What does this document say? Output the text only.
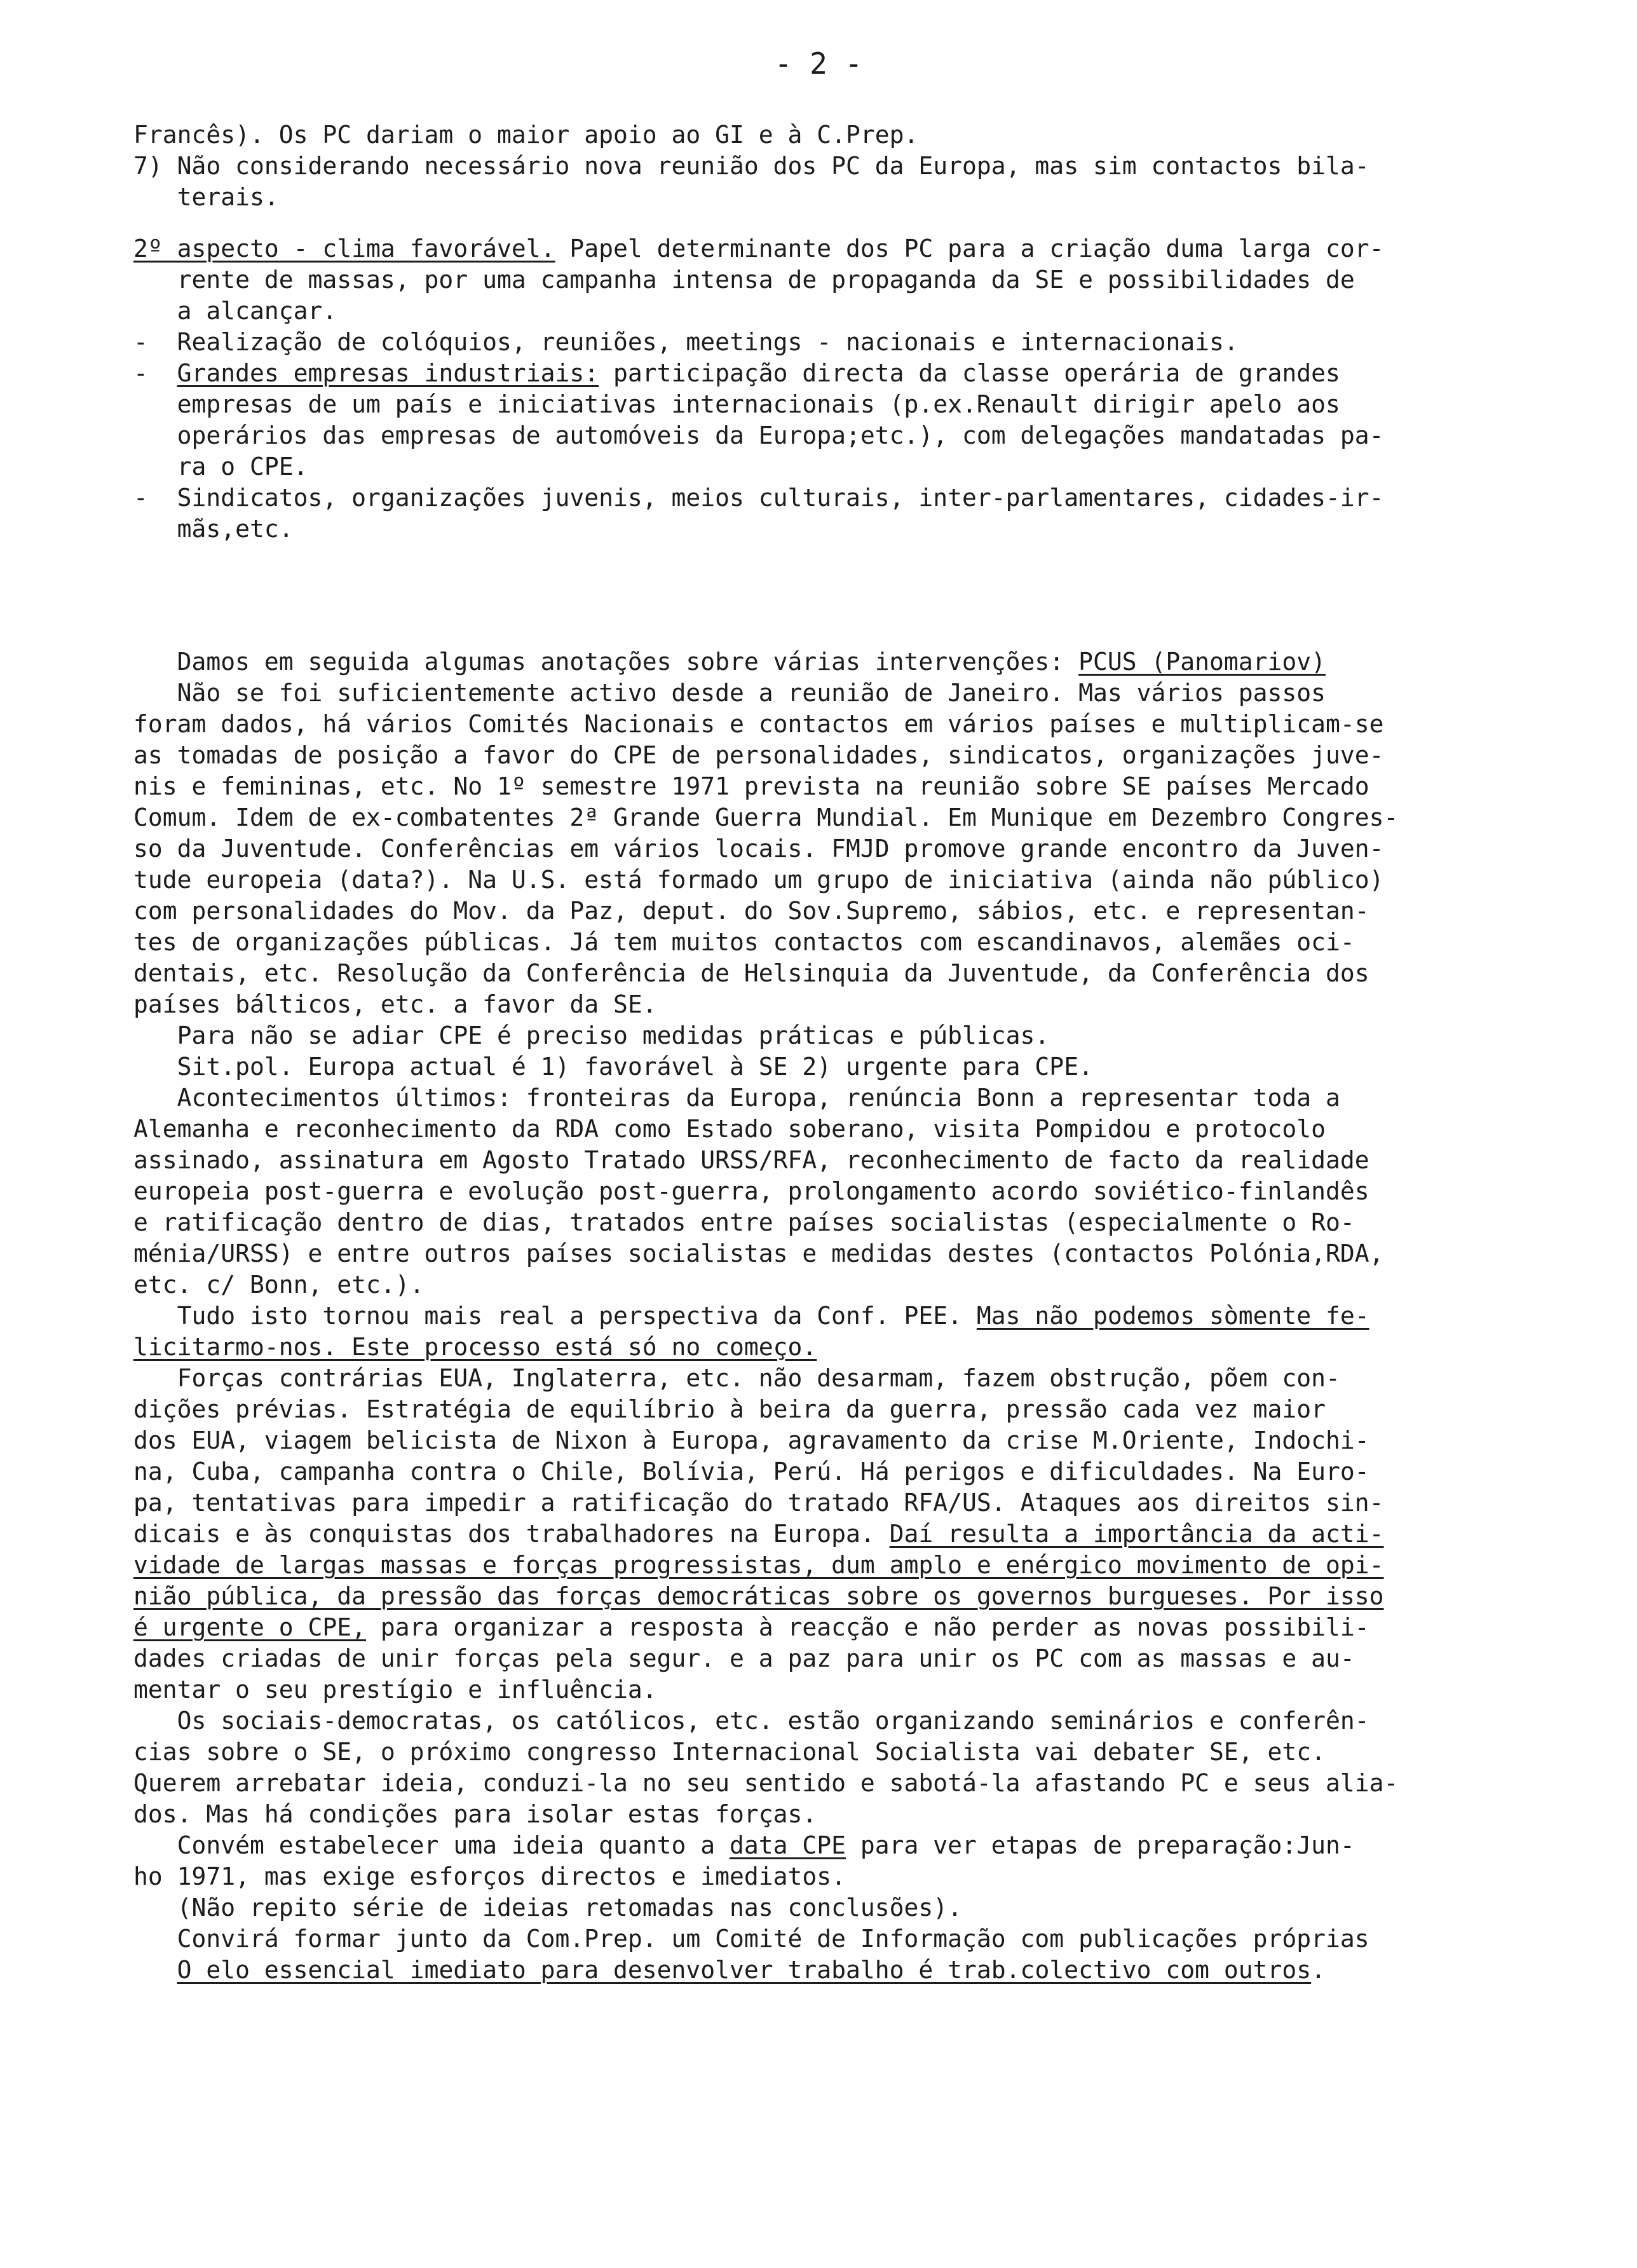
- 2 -
Francês). Os PC dariam o maior apoio ao GI e à C.Prep.
7) Não considerando necessário nova reunião dos PC da Europa, mas sim contactos bila-
terais.
2º aspecto - clima favorável. Papel determinante dos PC para a criação duma larga cor-
rente de massas, por uma campanha intensa de propaganda da SE e possibilidades de
a alcançar.
-  Realização de colóquios, reuniões, meetings - nacionais e internacionais.
-  Grandes empresas industriais: participação directa da classe operária de grandes
empresas de um país e iniciativas internacionais (p.ex.Renault dirigir apelo aos
operários das empresas de automóveis da Europa;etc.), com delegações mandatadas pa-
ra o CPE.
-  Sindicatos, organizações juvenis, meios culturais, inter-parlamentares, cidades-ir-
mãs,etc.
Damos em seguida algumas anotações sobre várias intervenções: PCUS (Panomariov)
Não se foi suficientemente activo desde a reunião de Janeiro. Mas vários passos
foram dados, há vários Comités Nacionais e contactos em vários países e multiplicam-se
as tomadas de posição a favor do CPE de personalidades, sindicatos, organizações juve-
nis e femininas, etc. No 1º semestre 1971 prevista na reunião sobre SE países Mercado
Comum. Idem de ex-combatentes 2ª Grande Guerra Mundial. Em Munique em Dezembro Congres-
so da Juventude. Conferências em vários locais. FMJD promove grande encontro da Juven-
tude europeia (data?). Na U.S. está formado um grupo de iniciativa (ainda não público)
com personalidades do Mov. da Paz, deput. do Sov.Supremo, sábios, etc. e representan-
tes de organizações públicas. Já tem muitos contactos com escandinavos, alemães oci-
dentais, etc. Resolução da Conferência de Helsinquia da Juventude, da Conferência dos
países bálticos, etc. a favor da SE.
Para não se adiar CPE é preciso medidas práticas e públicas.
Sit.pol. Europa actual é 1) favorável à SE 2) urgente para CPE.
Acontecimentos últimos: fronteiras da Europa, renúncia Bonn a representar toda a
Alemanha e reconhecimento da RDA como Estado soberano, visita Pompidou e protocolo
assinado, assinatura em Agosto Tratado URSS/RFA, reconhecimento de facto da realidade
europeia post-guerra e evolução post-guerra, prolongamento acordo soviético-finlandês
e ratificação dentro de dias, tratados entre países socialistas (especialmente o Ro-
ménia/URSS) e entre outros países socialistas e medidas destes (contactos Polónia,RDA,
etc. c/ Bonn, etc.).
Tudo isto tornou mais real a perspectiva da Conf. PEE. Mas não podemos sòmente fe-
licitarmo-nos. Este processo está só no começo.
Forças contrárias EUA, Inglaterra, etc. não desarmam, fazem obstrução, põem con-
dições prévias. Estratégia de equilíbrio à beira da guerra, pressão cada vez maior
dos EUA, viagem belicista de Nixon à Europa, agravamento da crise M.Oriente, Indochi-
na, Cuba, campanha contra o Chile, Bolívia, Perú. Há perigos e dificuldades. Na Euro-
pa, tentativas para impedir a ratificação do tratado RFA/US. Ataques aos direitos sin-
dicais e às conquistas dos trabalhadores na Europa. Daí resulta a importância da acti-
vidade de largas massas e forças progressistas, dum amplo e enérgico movimento de opi-
nião pública, da pressão das forças democráticas sobre os governos burgueses. Por isso
é urgente o CPE, para organizar a resposta à reacção e não perder as novas possibili-
dades criadas de unir forças pela segur. e a paz para unir os PC com as massas e au-
mentar o seu prestígio e influência.
Os sociais-democratas, os católicos, etc. estão organizando seminários e conferên-
cias sobre o SE, o próximo congresso Internacional Socialista vai debater SE, etc.
Querem arrebatar ideia, conduzi-la no seu sentido e sabotá-la afastando PC e seus alia-
dos. Mas há condições para isolar estas forças.
Convém estabelecer uma ideia quanto a data CPE para ver etapas de preparação:Jun-
ho 1971, mas exige esforços directos e imediatos.
(Não repito série de ideias retomadas nas conclusões).
Convirá formar junto da Com.Prep. um Comité de Informação com publicações próprias
O elo essencial imediato para desenvolver trabalho é trab.colectivo com outros.
